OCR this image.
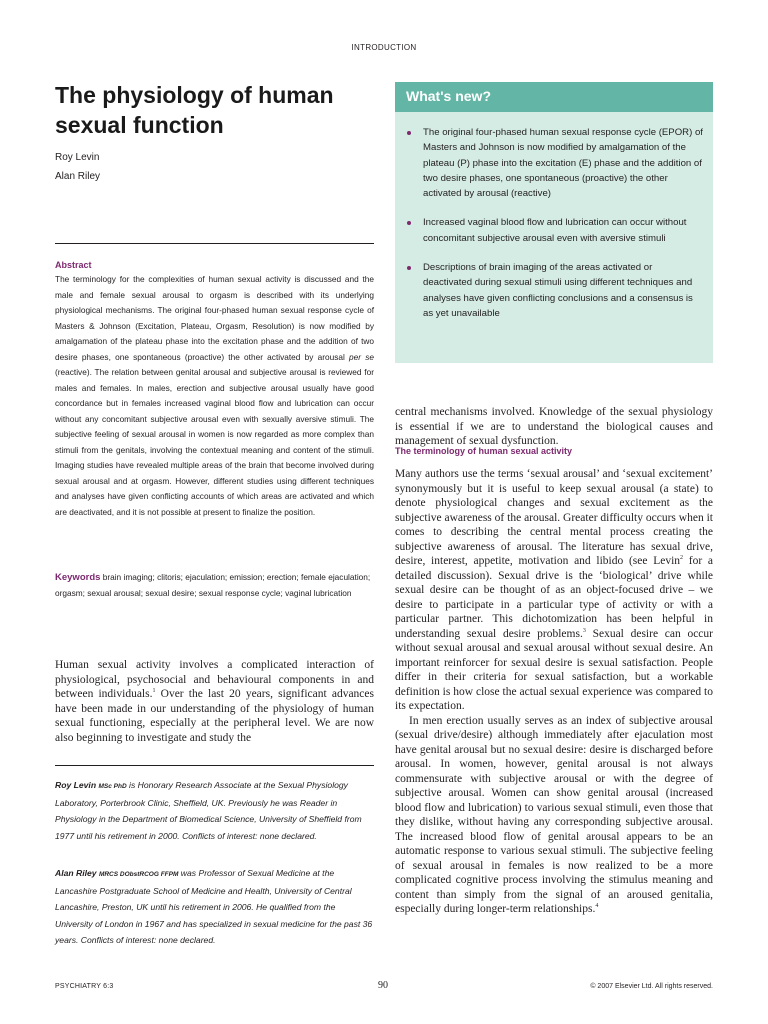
INTRODUCTION
The physiology of human sexual function
Roy Levin
Alan Riley
Abstract

The terminology for the complexities of human sexual activity is discussed and the male and female sexual arousal to orgasm is described with its underlying physiological mechanisms. The original four-phased human sexual response cycle of Masters & Johnson (Excitation, Plateau, Orgasm, Resolution) is now modified by amalgamation of the plateau phase into the excitation phase and the addition of two desire phases, one spontaneous (proactive) the other activated by arousal per se (reactive). The relation between genital arousal and subjective arousal is reviewed for males and females. In males, erection and subjective arousal usually have good concordance but in females increased vaginal blood flow and lubrication can occur without any concomitant subjective arousal even with sexually aversive stimuli. The subjective feeling of sexual arousal in women is now regarded as more complex than stimuli from the genitals, involving the contextual meaning and content of the stimuli. Imaging studies have revealed multiple areas of the brain that become involved during sexual arousal and at orgasm. However, different studies using different techniques and analyses have given conflicting accounts of which areas are activated and which are deactivated, and it is not possible at present to finalize the position.

Keywords brain imaging; clitoris; ejaculation; emission; erection; female ejaculation; orgasm; sexual arousal; sexual desire; sexual response cycle; vaginal lubrication

Human sexual activity involves a complicated interaction of physiological, psychosocial and behavioural components in and between individuals.$^1$ Over the last 20 years, significant advances have been made in our understanding of the physiology of human sexual functioning, especially at the peripheral level. We are now also beginning to investigate and study the

Roy Levin MSc PhD is Honorary Research Associate at the Sexual Physiology Laboratory, Porterbrook Clinic, Sheffield, UK. Previously he was Reader in Physiology in the Department of Biomedical Science, University of Sheffield from 1977 until his retirement in 2000. Conflicts of interest: none declared.

Alan Riley MRCS DObstRCOG FFPM was Professor of Sexual Medicine at the Lancashire Postgraduate School of Medicine and Health, University of Central Lancashire, Preston, UK until his retirement in 2006. He qualified from the University of London in 1967 and has specialized in sexual medicine for the past 36 years. Conflicts of interest: none declared.

What's new?
The original four-phased human sexual response cycle (EPOR) of Masters and Johnson is now modified by amalgamation of the plateau (P) phase into the excitation (E) phase and the addition of two desire phases, one spontaneous (proactive) the other activated by arousal (reactive)
Increased vaginal blood flow and lubrication can occur without concomitant subjective arousal even with aversive stimuli
Descriptions of brain imaging of the areas activated or deactivated during sexual stimuli using different techniques and analyses have given conflicting conclusions and a consensus is as yet unavailable

central mechanisms involved. Knowledge of the sexual physiology is essential if we are to understand the biological causes and management of sexual dysfunction.

The terminology of human sexual activity

Many authors use the terms ‘sexual arousal’ and ‘sexual excitement’ synonymously but it is useful to keep sexual arousal (a state) to denote physiological changes and sexual excitement as the subjective awareness of the arousal. Greater difficulty occurs when it comes to describing the central mental process creating the subjective awareness of arousal. The literature has sexual drive, desire, interest, appetite, motivation and libido (see Levin$^2$ for a detailed discussion). Sexual drive is the ‘biological’ drive while sexual desire can be thought of as an object-focused drive – we desire to participate in a particular type of activity or with a particular partner. This dichotomization has been helpful in understanding sexual desire problems.$^3$ Sexual desire can occur without sexual arousal and sexual arousal without sexual desire. An important reinforcer for sexual desire is sexual satisfaction. People differ in their criteria for sexual satisfaction, but a workable definition is how close the actual sexual experience was compared to its expectation.

In men erection usually serves as an index of subjective arousal (sexual drive/desire) although immediately after ejaculation most have genital arousal but no sexual desire: desire is discharged before arousal. In women, however, genital arousal is not always commensurate with subjective arousal or with the degree of subjective arousal. Women can show genital arousal (increased blood flow and lubrication) to various sexual stimuli, even those that they dislike, without having any corresponding subjective arousal. The increased blood flow of genital arousal appears to be an automatic response to various sexual stimuli. The subjective feeling of sexual arousal in females is now realized to be a more complicated cognitive process involving the stimulus meaning and content than simply from the signal of an aroused genitalia, especially during longer-term relationships.$^4$

PSYCHIATRY 6:3	90	© 2007 Elsevier Ltd. All rights reserved.
